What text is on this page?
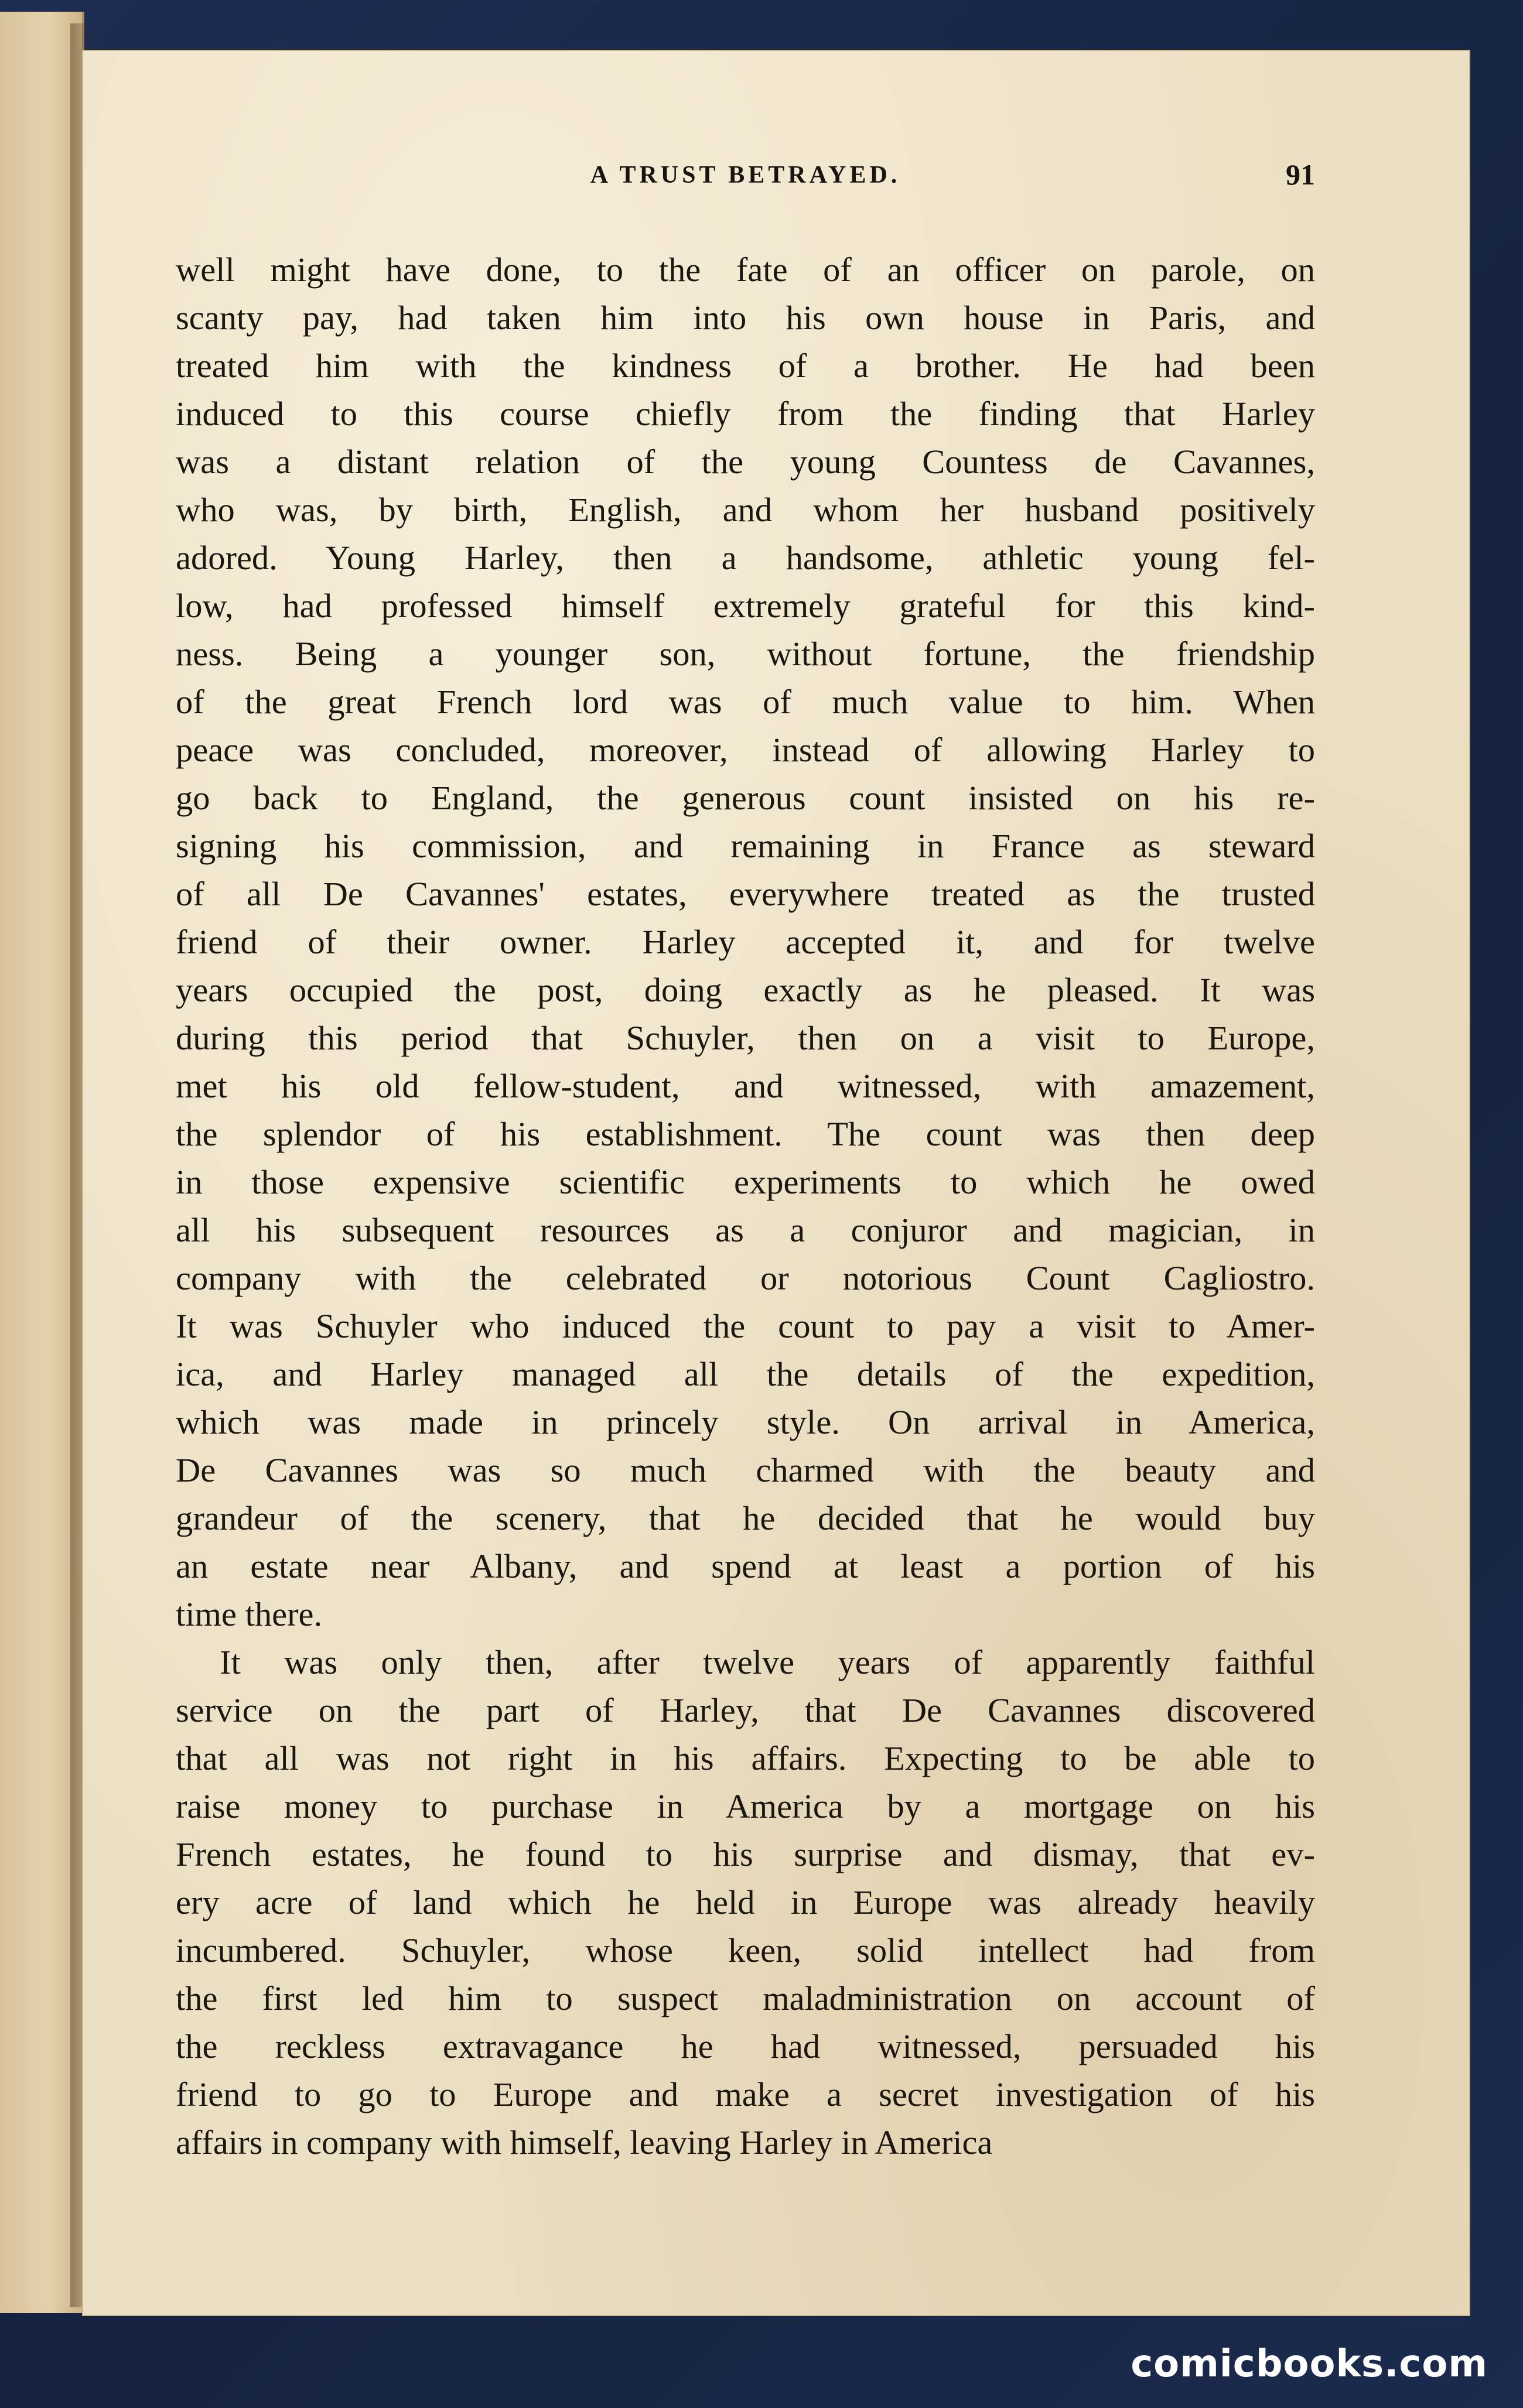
A TRUST BETRAYED.	91
well might have done, to the fate of an officer on parole, on
scanty pay, had taken him into his own house in Paris, and
treated him with the kindness of a brother. He had been
induced to this course chiefly from the finding that Harley
was a distant relation of the young Countess de Cavannes,
who was, by birth, English, and whom her husband positively
adored. Young Harley, then a handsome, athletic young fel-
low, had professed himself extremely grateful for this kind-
ness. Being a younger son, without fortune, the friendship
of the great French lord was of much value to him. When
peace was concluded, moreover, instead of allowing Harley to
go back to England, the generous count insisted on his re-
signing his commission, and remaining in France as steward
of all De Cavannes' estates, everywhere treated as the trusted
friend of their owner. Harley accepted it, and for twelve
years occupied the post, doing exactly as he pleased. It was
during this period that Schuyler, then on a visit to Europe,
met his old fellow-student, and witnessed, with amazement,
the splendor of his establishment. The count was then deep
in those expensive scientific experiments to which he owed
all his subsequent resources as a conjuror and magician, in
company with the celebrated or notorious Count Cagliostro.
It was Schuyler who induced the count to pay a visit to Amer-
ica, and Harley managed all the details of the expedition,
which was made in princely style. On arrival in America,
De Cavannes was so much charmed with the beauty and
grandeur of the scenery, that he decided that he would buy
an estate near Albany, and spend at least a portion of his
time there.
It was only then, after twelve years of apparently faithful
service on the part of Harley, that De Cavannes discovered
that all was not right in his affairs. Expecting to be able to
raise money to purchase in America by a mortgage on his
French estates, he found to his surprise and dismay, that ev-
ery acre of land which he held in Europe was already heavily
incumbered. Schuyler, whose keen, solid intellect had from
the first led him to suspect maladministration on account of
the reckless extravagance he had witnessed, persuaded his
friend to go to Europe and make a secret investigation of his
affairs in company with himself, leaving Harley in America
comicbooks.com
